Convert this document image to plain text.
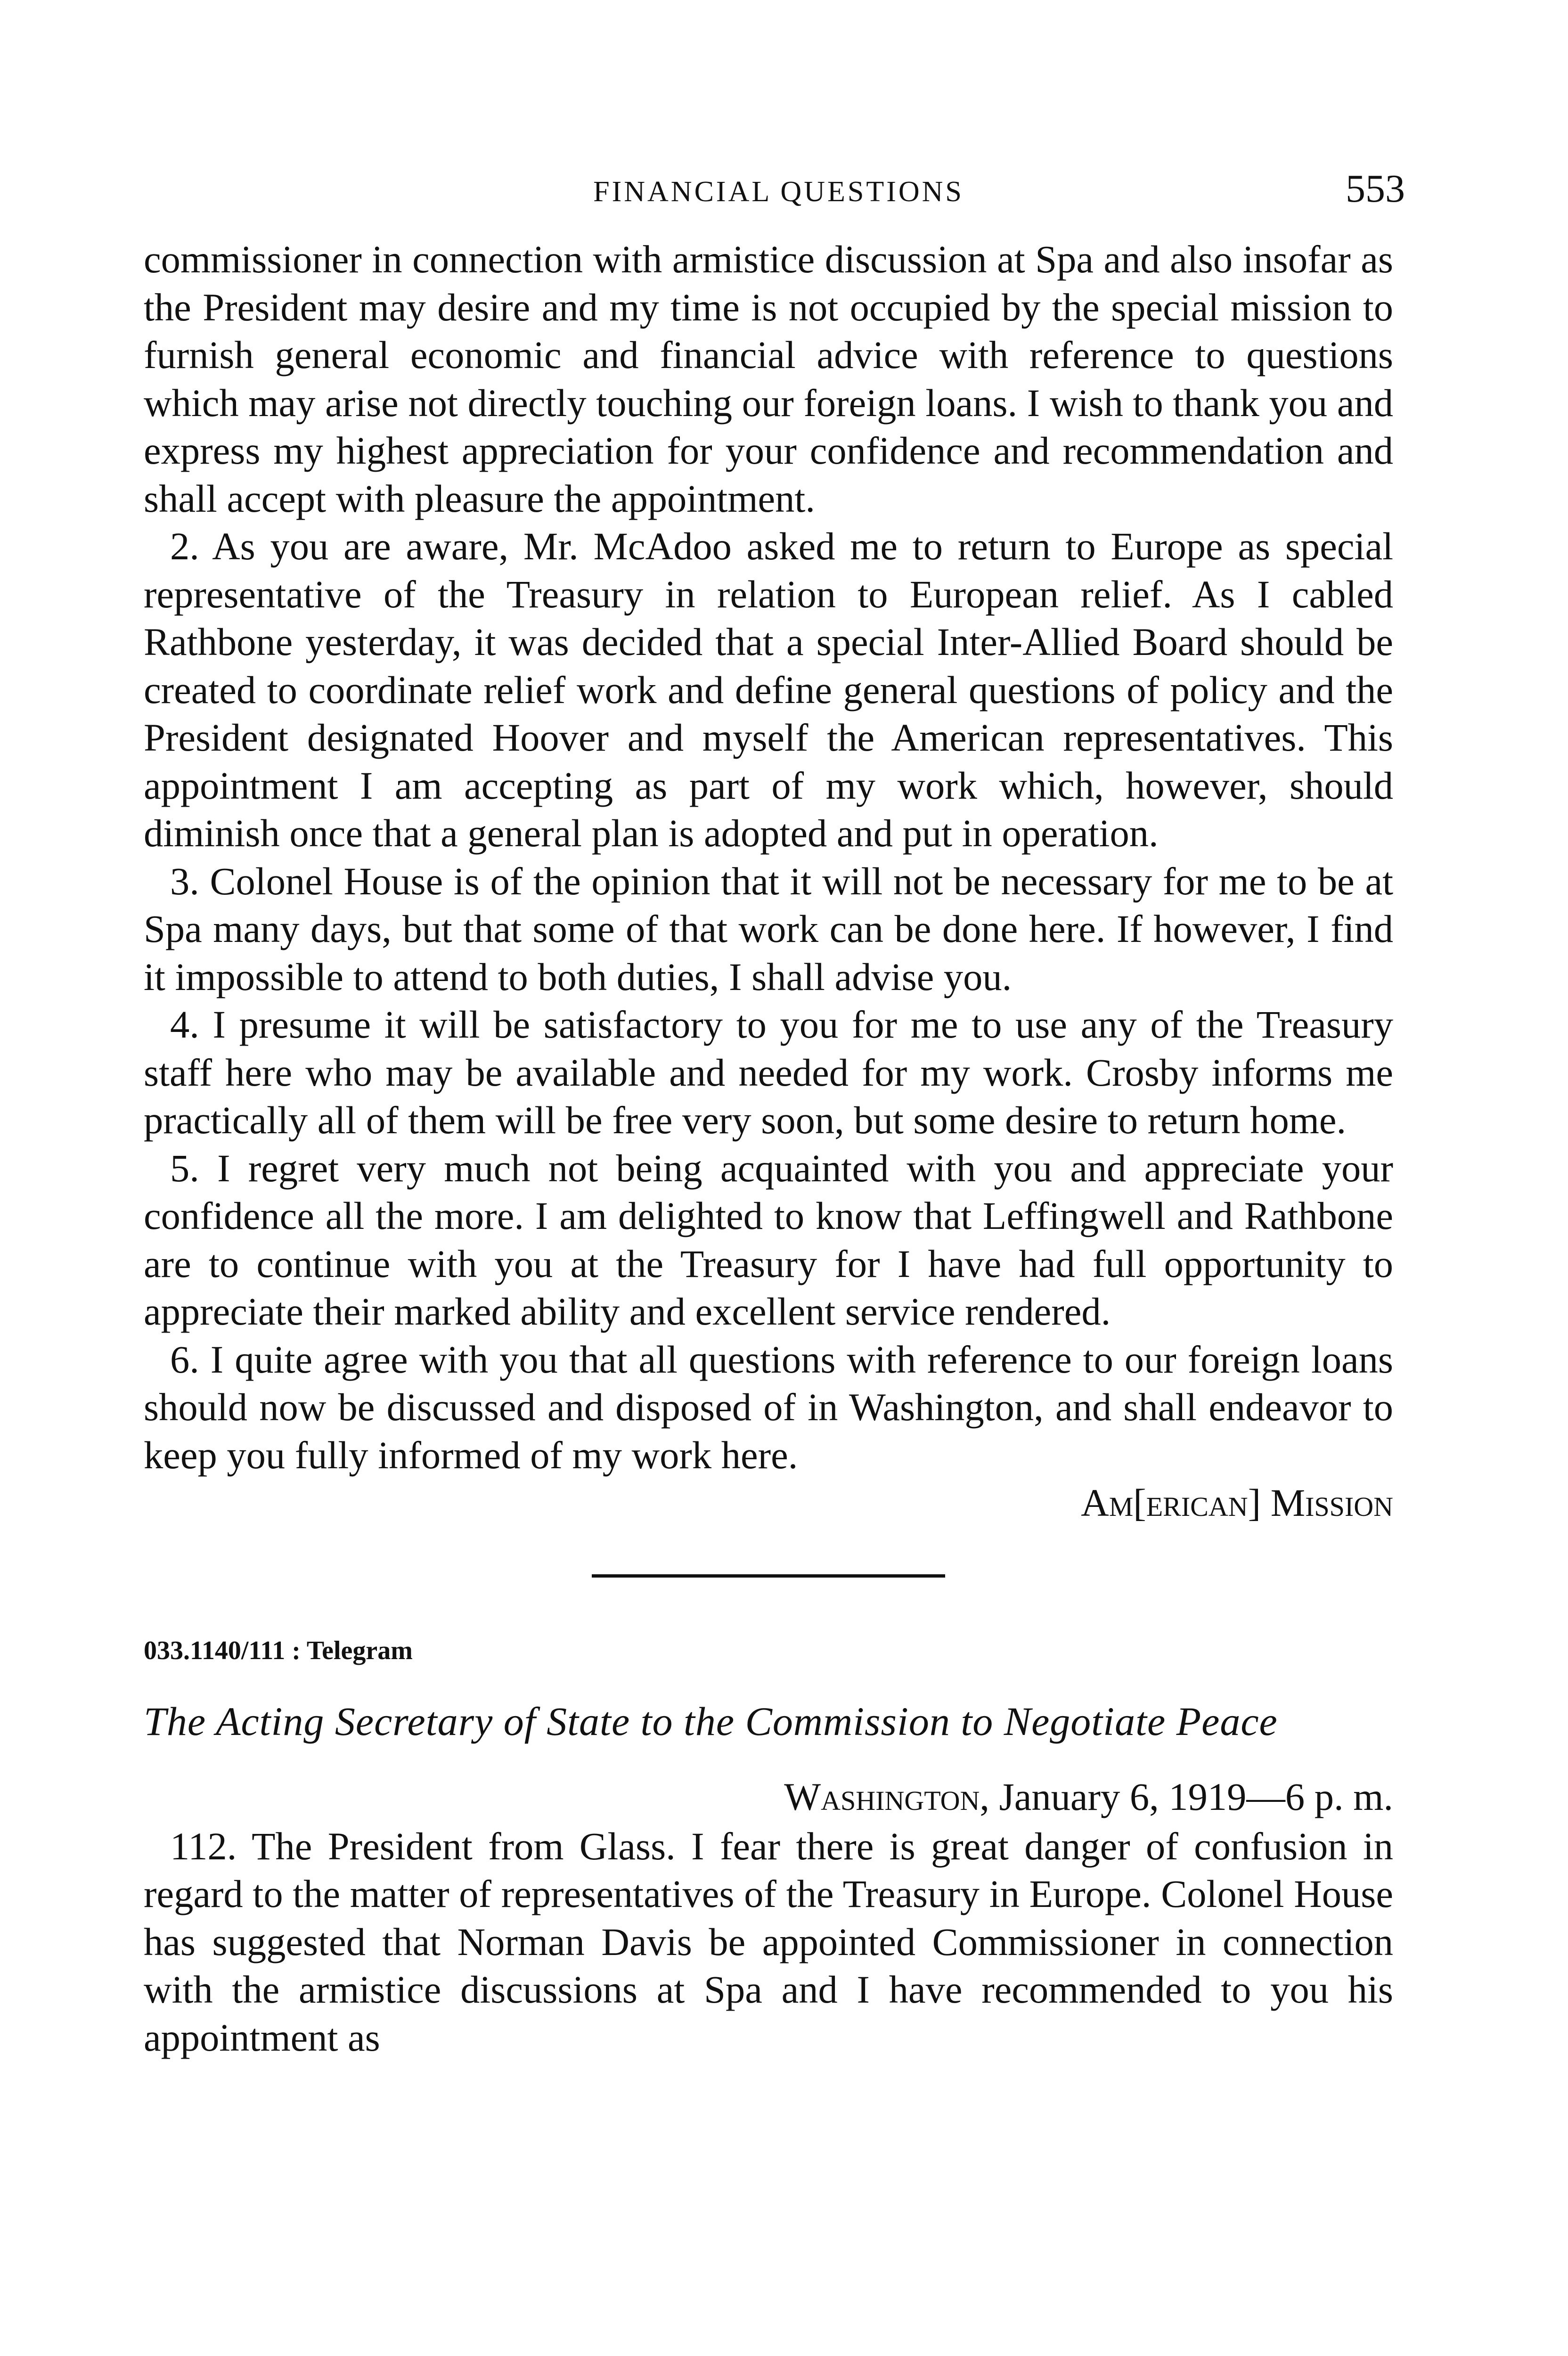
FINANCIAL QUESTIONS	553

commissioner in connection with armistice discussion at Spa and also insofar as the President may desire and my time is not occupied by the special mission to furnish general economic and financial advice with reference to questions which may arise not directly touching our foreign loans. I wish to thank you and express my highest appreciation for your confidence and recommendation and shall accept with pleasure the appointment.

2. As you are aware, Mr. McAdoo asked me to return to Europe as special representative of the Treasury in relation to European relief. As I cabled Rathbone yesterday, it was decided that a special Inter-Allied Board should be created to coordinate relief work and define general questions of policy and the President designated Hoover and myself the American representatives. This appointment I am accepting as part of my work which, however, should diminish once that a general plan is adopted and put in operation.

3. Colonel House is of the opinion that it will not be necessary for me to be at Spa many days, but that some of that work can be done here. If however, I find it impossible to attend to both duties, I shall advise you.

4. I presume it will be satisfactory to you for me to use any of the Treasury staff here who may be available and needed for my work. Crosby informs me practically all of them will be free very soon, but some desire to return home.

5. I regret very much not being acquainted with you and appreciate your confidence all the more. I am delighted to know that Leffingwell and Rathbone are to continue with you at the Treasury for I have had full opportunity to appreciate their marked ability and excellent service rendered.

6. I quite agree with you that all questions with reference to our foreign loans should now be discussed and disposed of in Washington, and shall endeavor to keep you fully informed of my work here.

Am[erican] Mission
033.1140/111 : Telegram
The Acting Secretary of State to the Commission to Negotiate Peace
Washington, January 6, 1919—6 p. m.

112. The President from Glass. I fear there is great danger of confusion in regard to the matter of representatives of the Treasury in Europe. Colonel House has suggested that Norman Davis be appointed Commissioner in connection with the armistice discussions at Spa and I have recommended to you his appointment as
